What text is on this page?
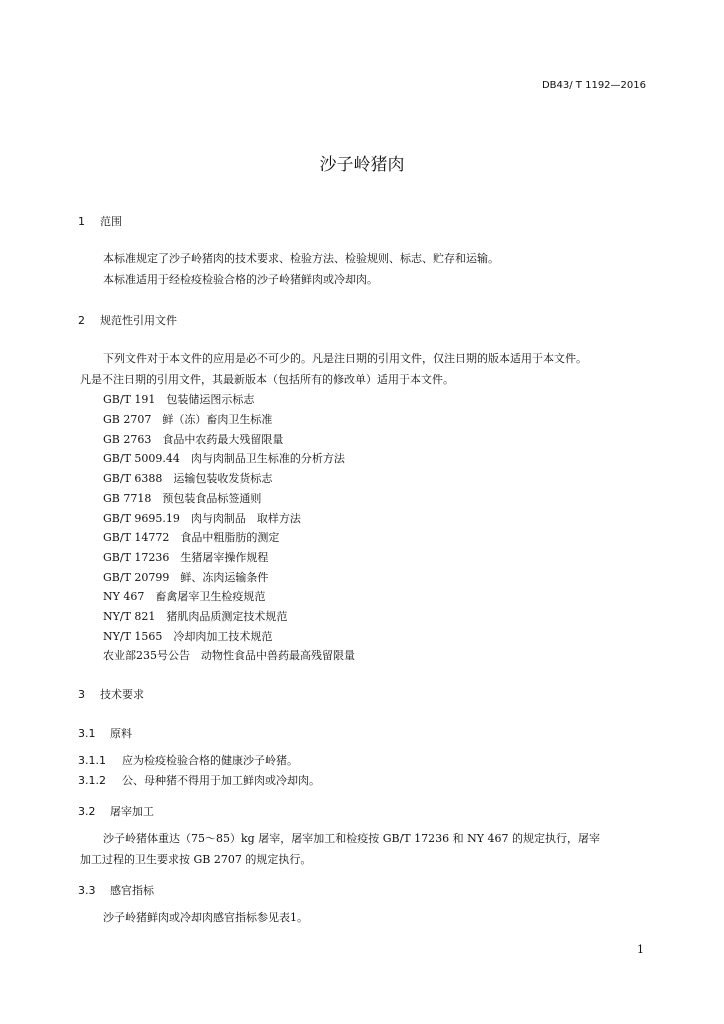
DB43/ T 1192—2016
沙子岭猪肉
1 范围
本标准规定了沙子岭猪肉的技术要求、检验方法、检验规则、标志、贮存和运输。
本标准适用于经检疫检验合格的沙子岭猪鲜肉或冷却肉。
2 规范性引用文件
下列文件对于本文件的应用是必不可少的。凡是注日期的引用文件，仅注日期的版本适用于本文件。
凡是不注日期的引用文件，其最新版本（包括所有的修改单）适用于本文件。
GB/T 191　包装储运图示标志
GB 2707　鲜（冻）畜肉卫生标准
GB 2763　食品中农药最大残留限量
GB/T 5009.44　肉与肉制品卫生标准的分析方法
GB/T 6388　运输包装收发货标志
GB 7718　预包装食品标签通则
GB/T 9695.19　肉与肉制品　取样方法
GB/T 14772　食品中粗脂肪的测定
GB/T 17236　生猪屠宰操作规程
GB/T 20799　鲜、冻肉运输条件
NY 467　畜禽屠宰卫生检疫规范
NY/T 821　猪肌肉品质测定技术规范
NY/T 1565　冷却肉加工技术规范
农业部235号公告　动物性食品中兽药最高残留限量
3 技术要求
3.1 原料
3.1.1 应为检疫检验合格的健康沙子岭猪。
3.1.2 公、母种猪不得用于加工鲜肉或冷却肉。
3.2 屠宰加工
沙子岭猪体重达（75～85）kg 屠宰，屠宰加工和检疫按 GB/T 17236 和 NY 467 的规定执行，屠宰
加工过程的卫生要求按 GB 2707 的规定执行。
3.3 感官指标
沙子岭猪鲜肉或冷却肉感官指标参见表1。
1
